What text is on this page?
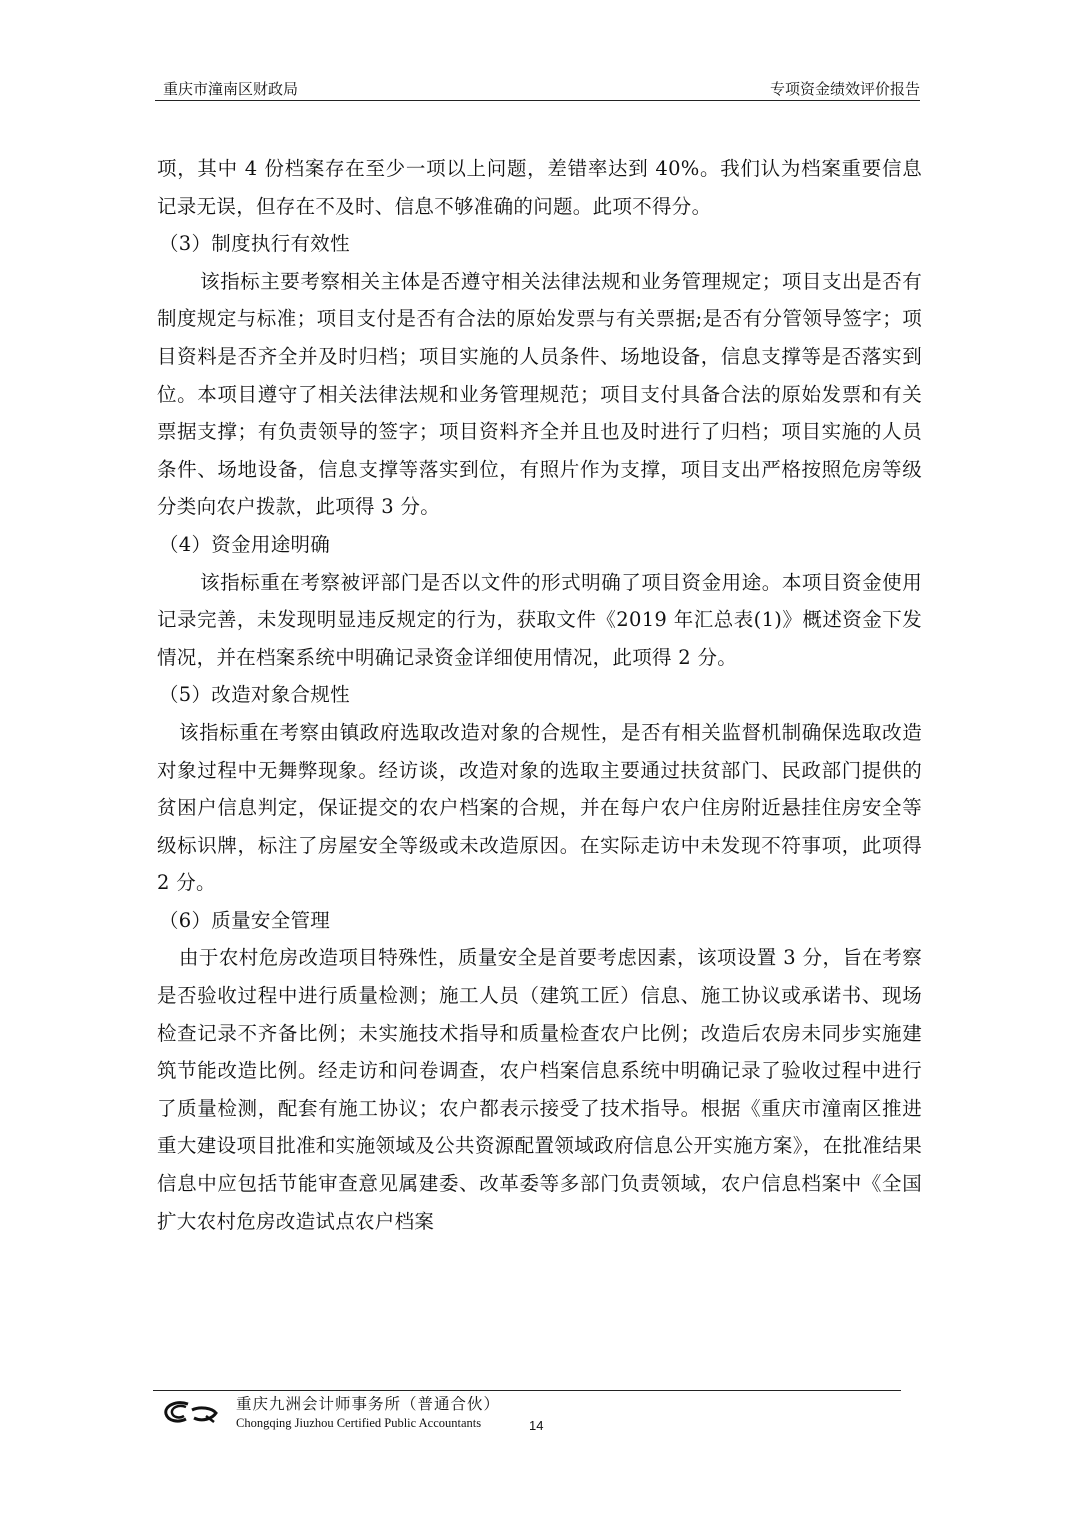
重庆市潼南区财政局	专项资金绩效评价报告

项，其中 4 份档案存在至少一项以上问题，差错率达到 40%。我们认为档案重要信息记录无误，但存在不及时、信息不够准确的问题。此项不得分。

（3）制度执行有效性

该指标主要考察相关主体是否遵守相关法律法规和业务管理规定；项目支出是否有制度规定与标准；项目支付是否有合法的原始发票与有关票据;是否有分管领导签字；项目资料是否齐全并及时归档；项目实施的人员条件、场地设备，信息支撑等是否落实到位。本项目遵守了相关法律法规和业务管理规范；项目支付具备合法的原始发票和有关票据支撑；有负责领导的签字；项目资料齐全并且也及时进行了归档；项目实施的人员条件、场地设备，信息支撑等落实到位，有照片作为支撑，项目支出严格按照危房等级分类向农户拨款，此项得 3 分。

（4）资金用途明确

该指标重在考察被评部门是否以文件的形式明确了项目资金用途。本项目资金使用记录完善，未发现明显违反规定的行为，获取文件《2019 年汇总表(1)》概述资金下发情况，并在档案系统中明确记录资金详细使用情况，此项得 2 分。

（5）改造对象合规性

该指标重在考察由镇政府选取改造对象的合规性，是否有相关监督机制确保选取改造对象过程中无舞弊现象。经访谈，改造对象的选取主要通过扶贫部门、民政部门提供的贫困户信息判定，保证提交的农户档案的合规，并在每户农户住房附近悬挂住房安全等级标识牌，标注了房屋安全等级或未改造原因。在实际走访中未发现不符事项，此项得 2 分。

（6）质量安全管理

由于农村危房改造项目特殊性，质量安全是首要考虑因素，该项设置 3 分，旨在考察是否验收过程中进行质量检测；施工人员（建筑工匠）信息、施工协议或承诺书、现场检查记录不齐备比例；未实施技术指导和质量检查农户比例；改造后农房未同步实施建筑节能改造比例。经走访和问卷调查，农户档案信息系统中明确记录了验收过程中进行了质量检测，配套有施工协议；农户都表示接受了技术指导。根据《重庆市潼南区推进重大建设项目批准和实施领域及公共资源配置领域政府信息公开实施方案》，在批准结果信息中应包括节能审查意见属建委、改革委等多部门负责领域，农户信息档案中《全国扩大农村危房改造试点农户档案

重庆九洲会计师事务所（普通合伙）
Chongqing Jiuzhou Certified Public Accountants	14
